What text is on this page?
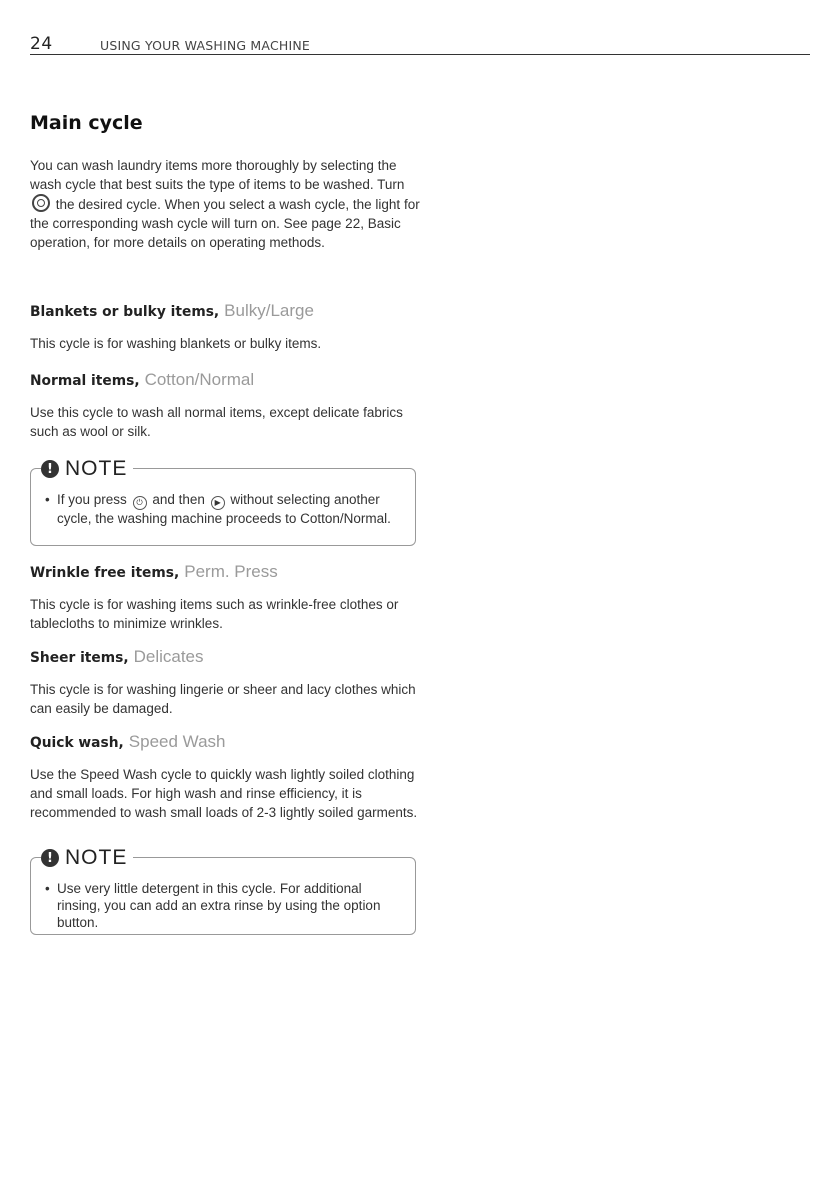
24	USING YOUR WASHING MACHINE
Main cycle
You can wash laundry items more thoroughly by selecting the wash cycle that best suits the type of items to be washed. Turn  the desired cycle. When you select a wash cycle, the light for the corresponding wash cycle will turn on. See page 22, Basic operation, for more details on operating methods.
Blankets or bulky items, Bulky/Large
This cycle is for washing blankets or bulky items.
Normal items, Cotton/Normal
Use this cycle to wash all normal items, except delicate fabrics such as wool or silk.
! NOTE
• If you press ⏻ and then ▶ without selecting another cycle, the washing machine proceeds to Cotton/Normal.
Wrinkle free items, Perm. Press
This cycle is for washing items such as wrinkle-free clothes or tablecloths to minimize wrinkles.
Sheer items, Delicates
This cycle is for washing lingerie or sheer and lacy clothes which can easily be damaged.
Quick wash, Speed Wash
Use the Speed Wash cycle to quickly wash lightly soiled clothing and small loads. For high wash and rinse efficiency, it is recommended to wash small loads of 2-3 lightly soiled garments.
! NOTE
• Use very little detergent in this cycle. For additional rinsing, you can add an extra rinse by using the option button.
